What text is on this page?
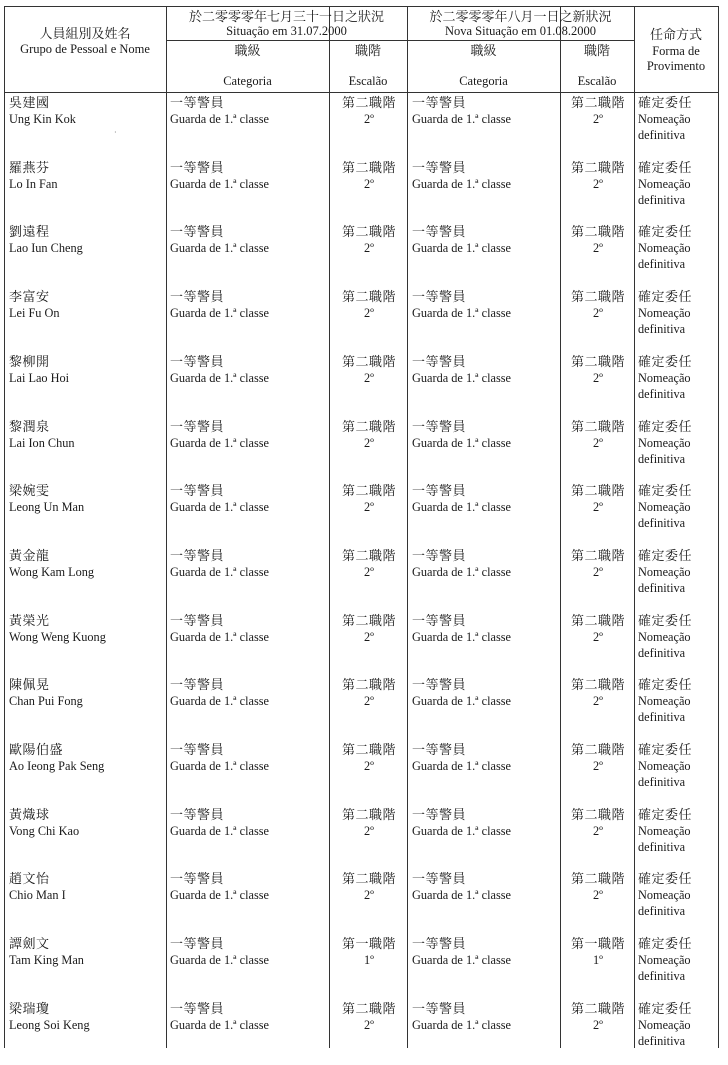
人員組別及姓名
Grupo de Pessoal e Nome
於二零零零年七月三十一日之狀況
Situação em 31.07.2000
於二零零零年八月一日之新狀況
Nova Situação em 01.08.2000
職級
Categoria
職階
Escalão
職級
Categoria
職階
Escalão
任命方式
Forma de
Provimento
·
吳建國
Ung Kin Kok
一等警員
Guarda de 1.ª classe
第二職階
2º
一等警員
Guarda de 1.ª classe
第二職階
2º
確定委任
Nomeação
definitiva
羅燕芬
Lo In Fan
一等警員
Guarda de 1.ª classe
第二職階
2º
一等警員
Guarda de 1.ª classe
第二職階
2º
確定委任
Nomeação
definitiva
劉遠程
Lao Iun Cheng
一等警員
Guarda de 1.ª classe
第二職階
2º
一等警員
Guarda de 1.ª classe
第二職階
2º
確定委任
Nomeação
definitiva
李富安
Lei Fu On
一等警員
Guarda de 1.ª classe
第二職階
2º
一等警員
Guarda de 1.ª classe
第二職階
2º
確定委任
Nomeação
definitiva
黎柳開
Lai Lao Hoi
一等警員
Guarda de 1.ª classe
第二職階
2º
一等警員
Guarda de 1.ª classe
第二職階
2º
確定委任
Nomeação
definitiva
黎潤泉
Lai Ion Chun
一等警員
Guarda de 1.ª classe
第二職階
2º
一等警員
Guarda de 1.ª classe
第二職階
2º
確定委任
Nomeação
definitiva
梁婉雯
Leong Un Man
一等警員
Guarda de 1.ª classe
第二職階
2º
一等警員
Guarda de 1.ª classe
第二職階
2º
確定委任
Nomeação
definitiva
黃金龍
Wong Kam Long
一等警員
Guarda de 1.ª classe
第二職階
2º
一等警員
Guarda de 1.ª classe
第二職階
2º
確定委任
Nomeação
definitiva
黃榮光
Wong Weng Kuong
一等警員
Guarda de 1.ª classe
第二職階
2º
一等警員
Guarda de 1.ª classe
第二職階
2º
確定委任
Nomeação
definitiva
陳佩晃
Chan Pui Fong
一等警員
Guarda de 1.ª classe
第二職階
2º
一等警員
Guarda de 1.ª classe
第二職階
2º
確定委任
Nomeação
definitiva
歐陽伯盛
Ao Ieong Pak Seng
一等警員
Guarda de 1.ª classe
第二職階
2º
一等警員
Guarda de 1.ª classe
第二職階
2º
確定委任
Nomeação
definitiva
黃熾球
Vong Chi Kao
一等警員
Guarda de 1.ª classe
第二職階
2º
一等警員
Guarda de 1.ª classe
第二職階
2º
確定委任
Nomeação
definitiva
趙文怡
Chio Man I
一等警員
Guarda de 1.ª classe
第二職階
2º
一等警員
Guarda de 1.ª classe
第二職階
2º
確定委任
Nomeação
definitiva
譚劍文
Tam King Man
一等警員
Guarda de 1.ª classe
第一職階
1º
一等警員
Guarda de 1.ª classe
第一職階
1º
確定委任
Nomeação
definitiva
梁瑞瓊
Leong Soi Keng
一等警員
Guarda de 1.ª classe
第二職階
2º
一等警員
Guarda de 1.ª classe
第二職階
2º
確定委任
Nomeação
definitiva
